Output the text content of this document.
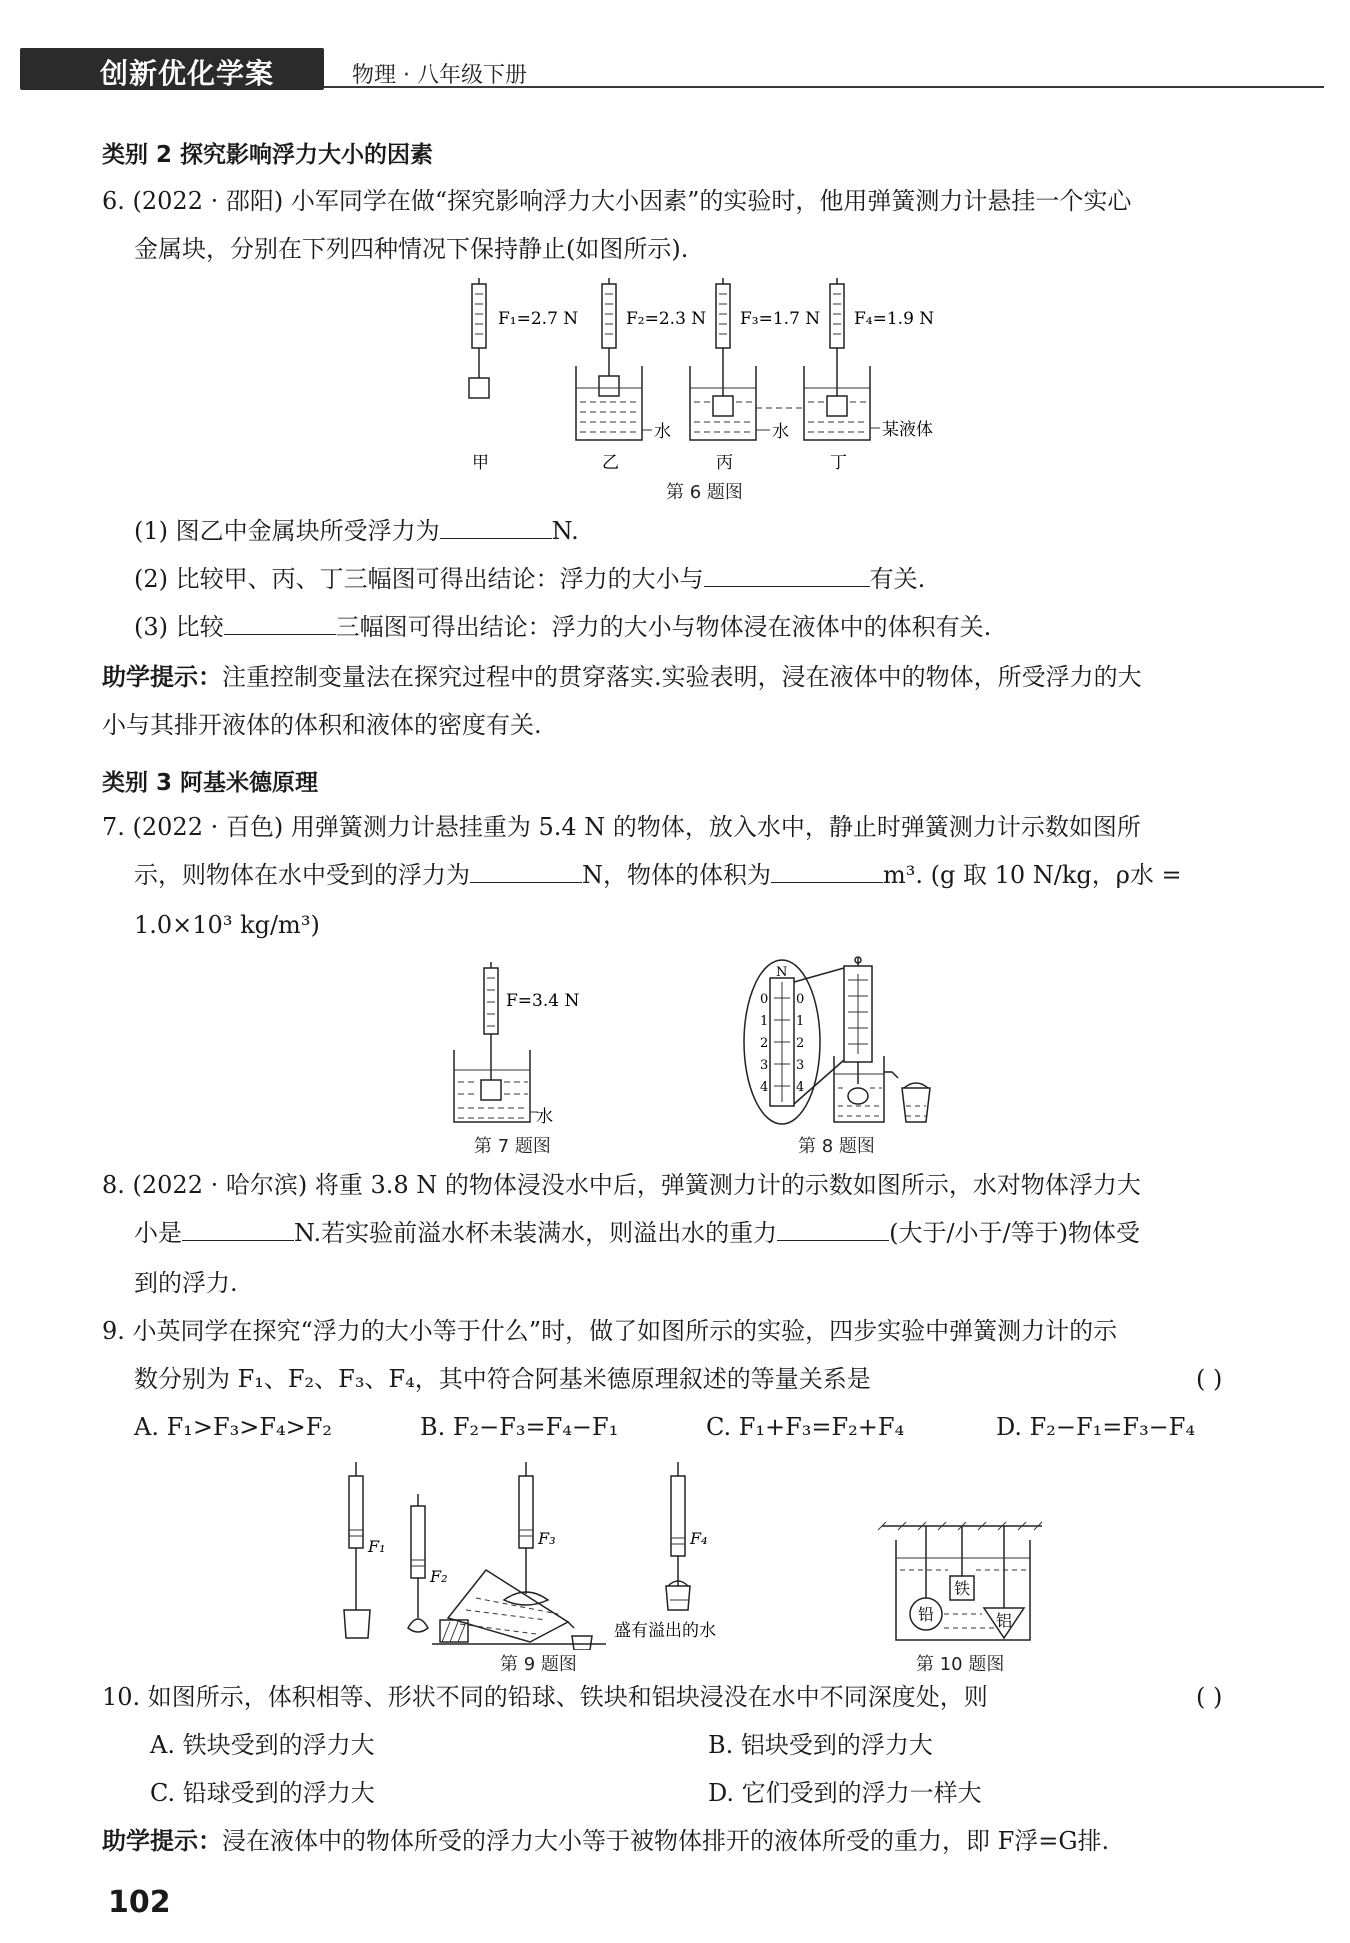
创新优化学案	物理 · 八年级下册
类别 2 探究影响浮力大小的因素
6. (2022 · 邵阳) 小军同学在做“探究影响浮力大小因素”的实验时，他用弹簧测力计悬挂一个实心
金属块，分别在下列四种情况下保持静止(如图所示).
F₁=2.7 N	F₂=2.3 N F₃=1.7 N F₄=1.9 N
水	水	某液体
甲	乙	丙	丁
第 6 题图
(1) 图乙中金属块所受浮力为	N.
(2) 比较甲、丙、丁三幅图可得出结论：浮力的大小与	有关.
(3) 比较	三幅图可得出结论：浮力的大小与物体浸在液体中的体积有关.
助学提示：注重控制变量法在探究过程中的贯穿落实.实验表明，浸在液体中的物体，所受浮力的大
小与其排开液体的体积和液体的密度有关.
类别 3 阿基米德原理
7. (2022 · 百色) 用弹簧测力计悬挂重为 5.4 N 的物体，放入水中，静止时弹簧测力计示数如图所
示，则物体在水中受到的浮力为	N，物体的体积为	m³. (g 取 10 N/kg，ρ水 =
1.0×10³ kg/m³)
F=3.4 N
水
第 7 题图
N
0
1
2
3
4
0
1
2
3
4
第 8 题图
8. (2022 · 哈尔滨) 将重 3.8 N 的物体浸没水中后，弹簧测力计的示数如图所示，水对物体浮力大
小是	N.若实验前溢水杯未装满水，则溢出水的重力	(大于/小于/等于)物体受
到的浮力.
9. 小英同学在探究“浮力的大小等于什么”时，做了如图所示的实验，四步实验中弹簧测力计的示
数分别为 F₁、F₂、F₃、F₄，其中符合阿基米德原理叙述的等量关系是	( )
A. F₁>F₃>F₄>F₂	B. F₂−F₃=F₄−F₁	C. F₁+F₃=F₂+F₄	D. F₂−F₁=F₃−F₄
F₁
F₂
F₃	F₄
盛有溢出的水
第 9 题图
铅
铁
铝
第 10 题图
10. 如图所示，体积相等、形状不同的铅球、铁块和铝块浸没在水中不同深度处，则	( )
A. 铁块受到的浮力大	B. 铝块受到的浮力大
C. 铅球受到的浮力大	D. 它们受到的浮力一样大
助学提示：浸在液体中的物体所受的浮力大小等于被物体排开的液体所受的重力，即 F浮=G排.
102
